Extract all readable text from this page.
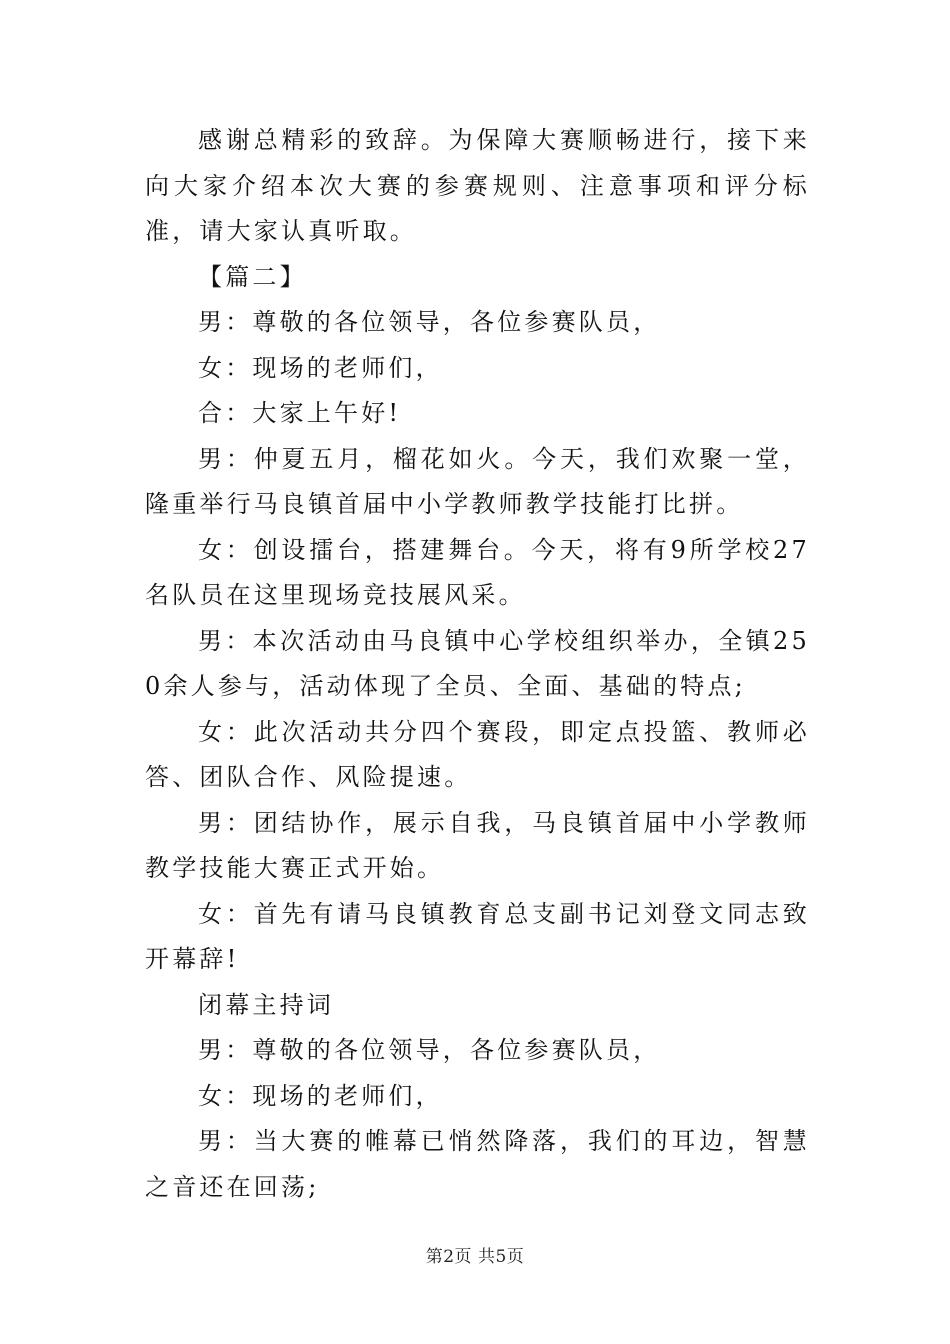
感谢总精彩的致辞。为保障大赛顺畅进行，接下来向大家介绍本次大赛的参赛规则、注意事项和评分标准，请大家认真听取。

【篇二】

男：尊敬的各位领导，各位参赛队员，

女：现场的老师们，

合：大家上午好!

男：仲夏五月，榴花如火。今天，我们欢聚一堂，隆重举行马良镇首届中小学教师教学技能打比拼。

女：创设擂台，搭建舞台。今天，将有9所学校27名队员在这里现场竞技展风采。

男：本次活动由马良镇中心学校组织举办，全镇250余人参与，活动体现了全员、全面、基础的特点;

女：此次活动共分四个赛段，即定点投篮、教师必答、团队合作、风险提速。

男：团结协作，展示自我，马良镇首届中小学教师教学技能大赛正式开始。

女：首先有请马良镇教育总支副书记刘登文同志致开幕辞!

闭幕主持词

男：尊敬的各位领导，各位参赛队员，

女：现场的老师们，

男：当大赛的帷幕已悄然降落，我们的耳边，智慧之音还在回荡;

第2页 共5页
